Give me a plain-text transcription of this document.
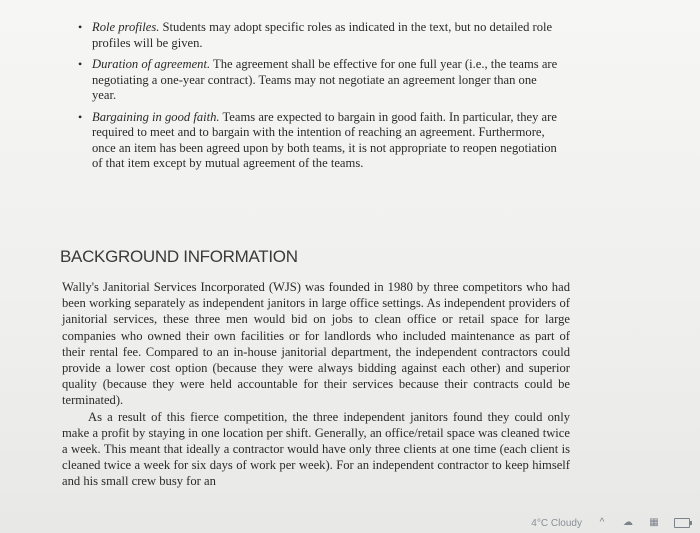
• Role profiles. Students may adopt specific roles as indicated in the text, but no detailed role profiles will be given.
• Duration of agreement. The agreement shall be effective for one full year (i.e., the teams are negotiating a one-year contract). Teams may not negotiate an agreement longer than one year.
• Bargaining in good faith. Teams are expected to bargain in good faith. In particular, they are required to meet and to bargain with the intention of reaching an agreement. Furthermore, once an item has been agreed upon by both teams, it is not appropriate to reopen negotiation of that item except by mutual agreement of the teams.
BACKGROUND INFORMATION

Wally's Janitorial Services Incorporated (WJS) was founded in 1980 by three competitors who had been working separately as independent janitors in large office settings. As independent providers of janitorial services, these three men would bid on jobs to clean office or retail space for large companies who owned their own facilities or for landlords who included maintenance as part of their rental fee. Compared to an in-house janitorial department, the independent contractors could provide a lower cost option (because they were always bidding against each other) and superior quality (because they were held accountable for their services because their contracts could be terminated).

As a result of this fierce competition, the three independent janitors found they could only make a profit by staying in one location per shift. Generally, an office/retail space was cleaned twice a week. This meant that ideally a contractor would have only three clients at one time (each client is cleaned twice a week for six days of work per week). For an independent contractor to keep himself and his small crew busy for an

4°C Cloudy	^	☁ ▦
